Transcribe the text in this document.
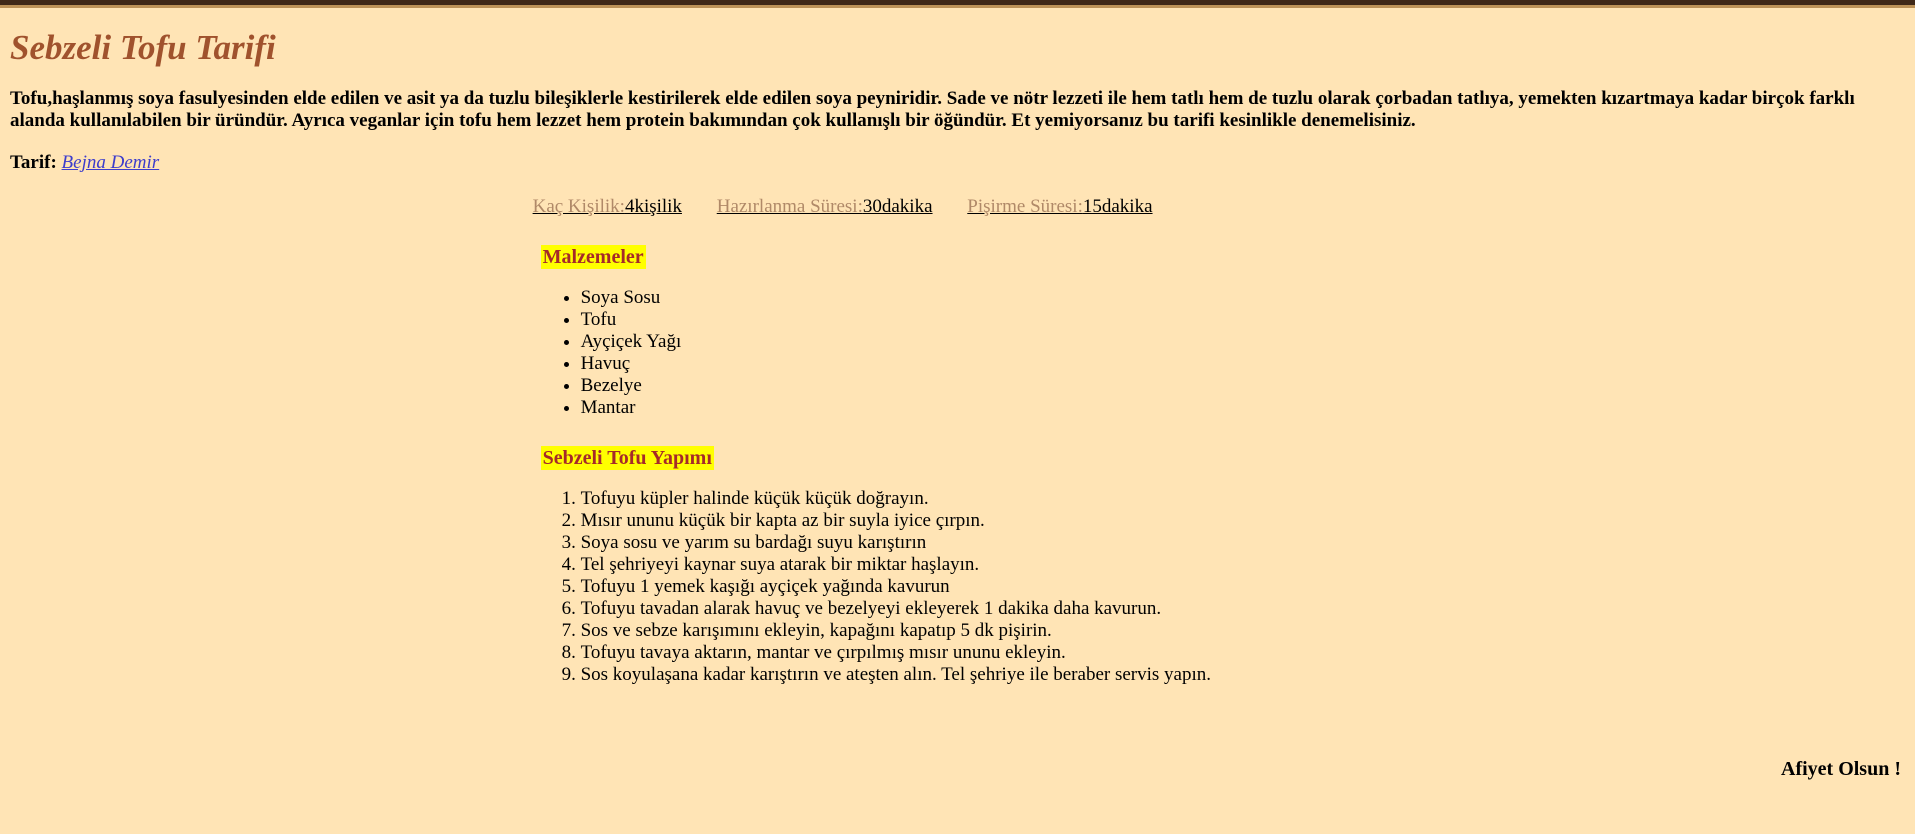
Sebzeli Tofu Tarifi

Tofu,haşlanmış soya fasulyesinden elde edilen ve asit ya da tuzlu bileşiklerle kestirilerek elde edilen soya peyniridir. Sade ve nötr lezzeti ile hem tatlı hem de tuzlu olarak çorbadan tatlıya, yemekten kızartmaya kadar birçok farklı alanda kullanılabilen bir üründür. Ayrıca veganlar için tofu hem lezzet hem protein bakımından çok kullanışlı bir öğündür. Et yemiyorsanız bu tarifi kesinlikle denemelisiniz.

Tarif: Bejna Demir

Kaç Kişilik:4kişilik Hazırlanma Süresi:30dakika Pişirme Süresi:15dakika

Malzemeler
• Soya Sosu
• Tofu
• Ayçiçek Yağı
• Havuç
• Bezelye
• Mantar
Sebzeli Tofu Yapımı
1. Tofuyu küpler halinde küçük küçük doğrayın.
2. Mısır ununu küçük bir kapta az bir suyla iyice çırpın.
3. Soya sosu ve yarım su bardağı suyu karıştırın
4. Tel şehriyeyi kaynar suya atarak bir miktar haşlayın.
5. Tofuyu 1 yemek kaşığı ayçiçek yağında kavurun
6. Tofuyu tavadan alarak havuç ve bezelyeyi ekleyerek 1 dakika daha kavurun.
7. Sos ve sebze karışımını ekleyin, kapağını kapatıp 5 dk pişirin.
8. Tofuyu tavaya aktarın, mantar ve çırpılmış mısır ununu ekleyin.
9. Sos koyulaşana kadar karıştırın ve ateşten alın. Tel şehriye ile beraber servis yapın.

Afiyet Olsun !
